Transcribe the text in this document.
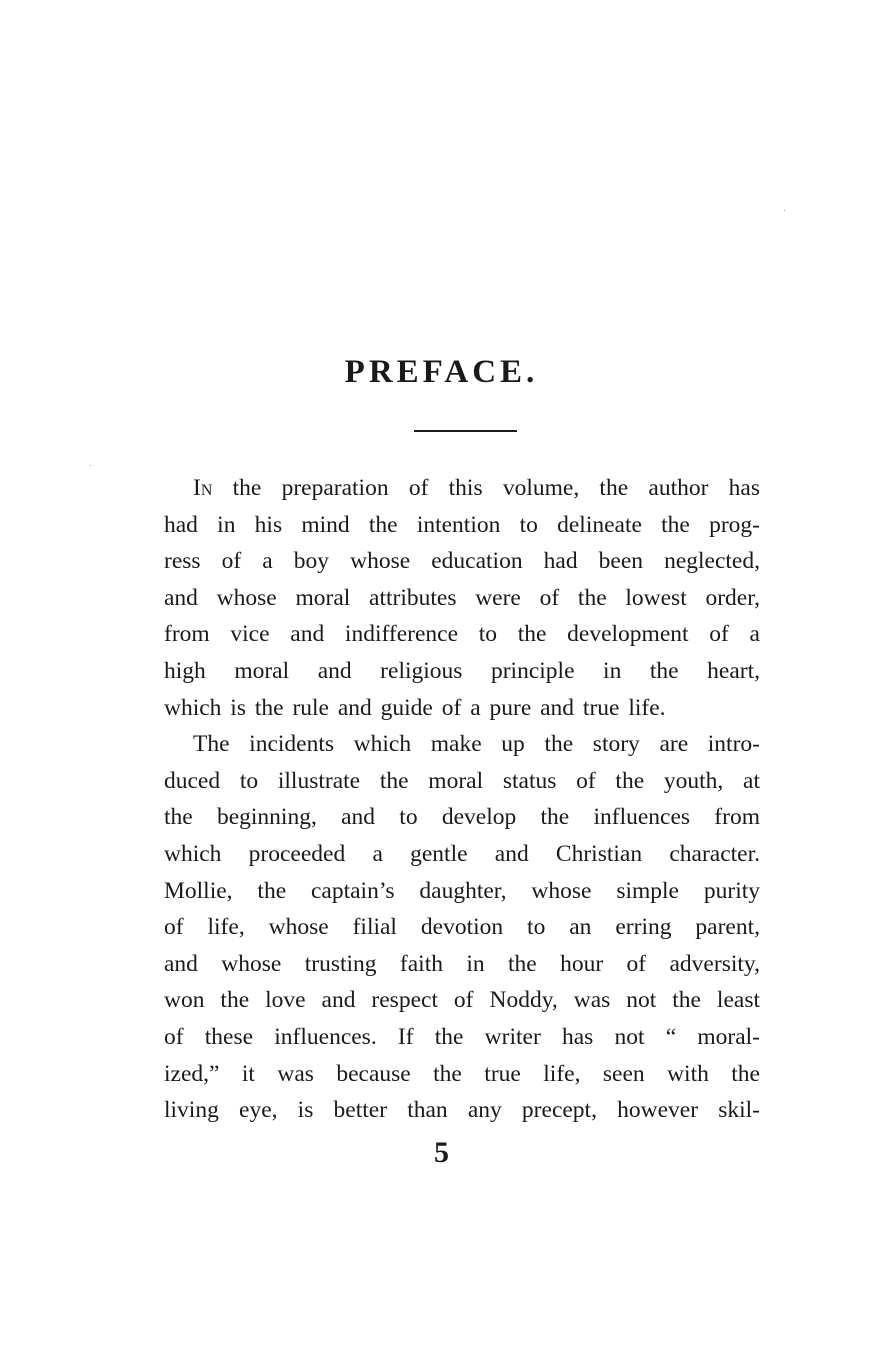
PREFACE.
In the preparation of this volume, the author has
had in his mind the intention to delineate the prog-
ress of a boy whose education had been neglected,
and whose moral attributes were of the lowest order,
from vice and indifference to the development of a
high moral and religious principle in the heart,
which is the rule and guide of a pure and true life.
The incidents which make up the story are intro-
duced to illustrate the moral status of the youth, at
the beginning, and to develop the influences from
which proceeded a gentle and Christian character.
Mollie, the captain’s daughter, whose simple purity
of life, whose filial devotion to an erring parent,
and whose trusting faith in the hour of adversity,
won the love and respect of Noddy, was not the least
of these influences. If the writer has not “ moral-
ized,” it was because the true life, seen with the
living eye, is better than any precept, however skil-
5
